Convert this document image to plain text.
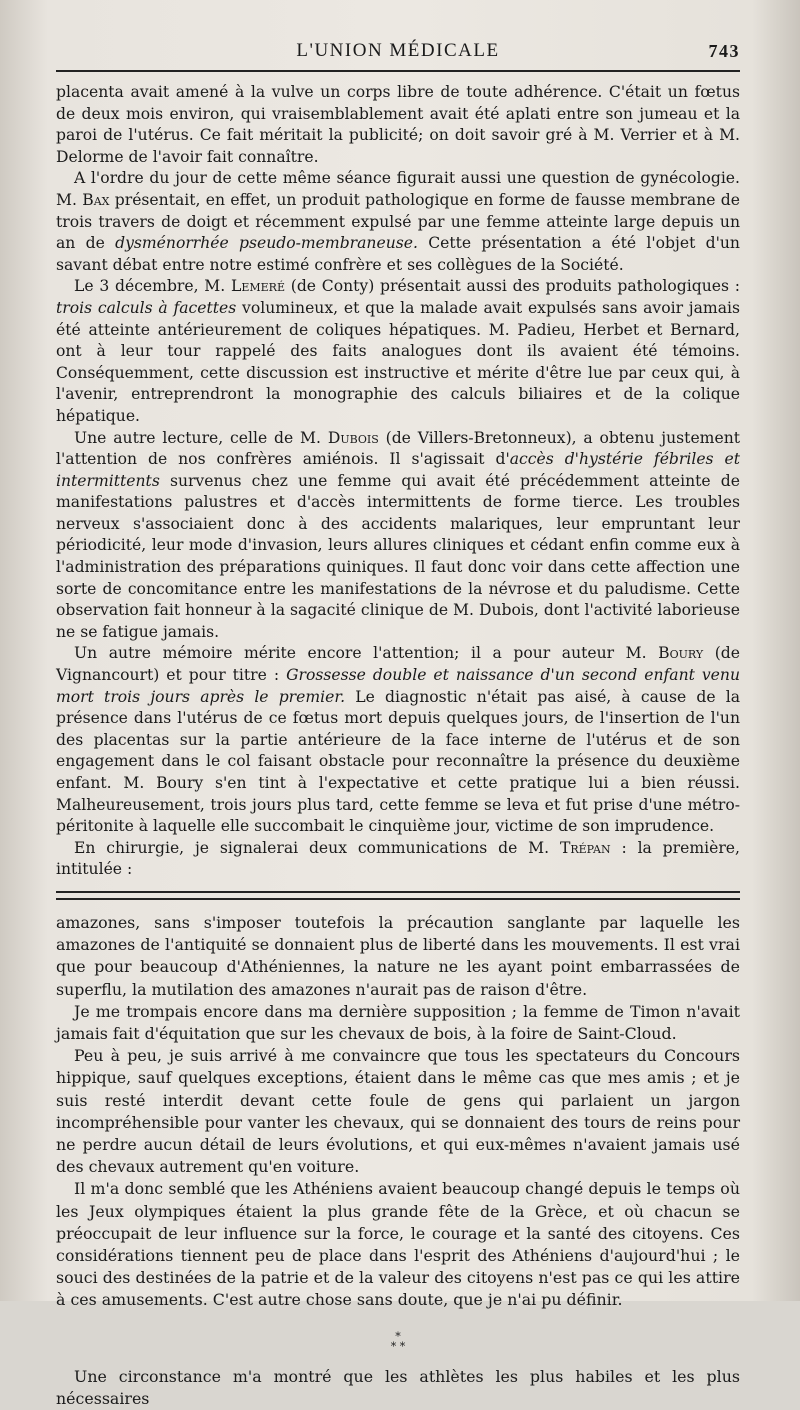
L'UNION MÉDICALE	743

placenta avait amené à la vulve un corps libre de toute adhérence. C'était un fœtus de deux mois environ, qui vraisemblablement avait été aplati entre son jumeau et la paroi de l'utérus. Ce fait méritait la publicité; on doit savoir gré à M. Verrier et à M. Delorme de l'avoir fait connaître.

A l'ordre du jour de cette même séance figurait aussi une question de gynécologie. M. Bax présentait, en effet, un produit pathologique en forme de fausse membrane de trois travers de doigt et récemment expulsé par une femme atteinte large depuis un an de dysménorrhée pseudo-membraneuse. Cette présentation a été l'objet d'un savant débat entre notre estimé confrère et ses collègues de la Société.

Le 3 décembre, M. Lemeré (de Conty) présentait aussi des produits pathologiques : trois calculs à facettes volumineux, et que la malade avait expulsés sans avoir jamais été atteinte antérieurement de coliques hépatiques. M. Padieu, Herbet et Bernard, ont à leur tour rappelé des faits analogues dont ils avaient été témoins. Conséquemment, cette discussion est instructive et mérite d'être lue par ceux qui, à l'avenir, entreprendront la monographie des calculs biliaires et de la colique hépatique.

Une autre lecture, celle de M. Dubois (de Villers-Bretonneux), a obtenu justement l'attention de nos confrères amiénois. Il s'agissait d'accès d'hystérie fébriles et intermittents survenus chez une femme qui avait été précédemment atteinte de manifestations palustres et d'accès intermittents de forme tierce. Les troubles nerveux s'associaient donc à des accidents malariques, leur empruntant leur périodicité, leur mode d'invasion, leurs allures cliniques et cédant enfin comme eux à l'administration des préparations quiniques. Il faut donc voir dans cette affection une sorte de concomitance entre les manifestations de la névrose et du paludisme. Cette observation fait honneur à la sagacité clinique de M. Dubois, dont l'activité laborieuse ne se fatigue jamais.

Un autre mémoire mérite encore l'attention; il a pour auteur M. Boury (de Vignancourt) et pour titre : Grossesse double et naissance d'un second enfant venu mort trois jours après le premier. Le diagnostic n'était pas aisé, à cause de la présence dans l'utérus de ce fœtus mort depuis quelques jours, de l'insertion de l'un des placentas sur la partie antérieure de la face interne de l'utérus et de son engagement dans le col faisant obstacle pour reconnaître la présence du deuxième enfant. M. Boury s'en tint à l'expectative et cette pratique lui a bien réussi. Malheureusement, trois jours plus tard, cette femme se leva et fut prise d'une métro-péritonite à laquelle elle succombait le cinquième jour, victime de son imprudence.

En chirurgie, je signalerai deux communications de M. Trépan : la première, intitulée :

amazones, sans s'imposer toutefois la précaution sanglante par laquelle les amazones de l'antiquité se donnaient plus de liberté dans les mouvements. Il est vrai que pour beaucoup d'Athéniennes, la nature ne les ayant point embarrassées de superflu, la mutilation des amazones n'aurait pas de raison d'être.

Je me trompais encore dans ma dernière supposition ; la femme de Timon n'avait jamais fait d'équitation que sur les chevaux de bois, à la foire de Saint-Cloud.

Peu à peu, je suis arrivé à me convaincre que tous les spectateurs du Concours hippique, sauf quelques exceptions, étaient dans le même cas que mes amis ; et je suis resté interdit devant cette foule de gens qui parlaient un jargon incompréhensible pour vanter les chevaux, qui se donnaient des tours de reins pour ne perdre aucun détail de leurs évolutions, et qui eux-mêmes n'avaient jamais usé des chevaux autrement qu'en voiture.

Il m'a donc semblé que les Athéniens avaient beaucoup changé depuis le temps où les Jeux olympiques étaient la plus grande fête de la Grèce, et où chacun se préoccupait de leur influence sur la force, le courage et la santé des citoyens. Ces considérations tiennent peu de place dans l'esprit des Athéniens d'aujourd'hui ; le souci des destinées de la patrie et de la valeur des citoyens n'est pas ce qui les attire à ces amusements. C'est autre chose sans doute, que je n'ai pu définir.

*
* *

Une circonstance m'a montré que les athlètes les plus habiles et les plus nécessaires
